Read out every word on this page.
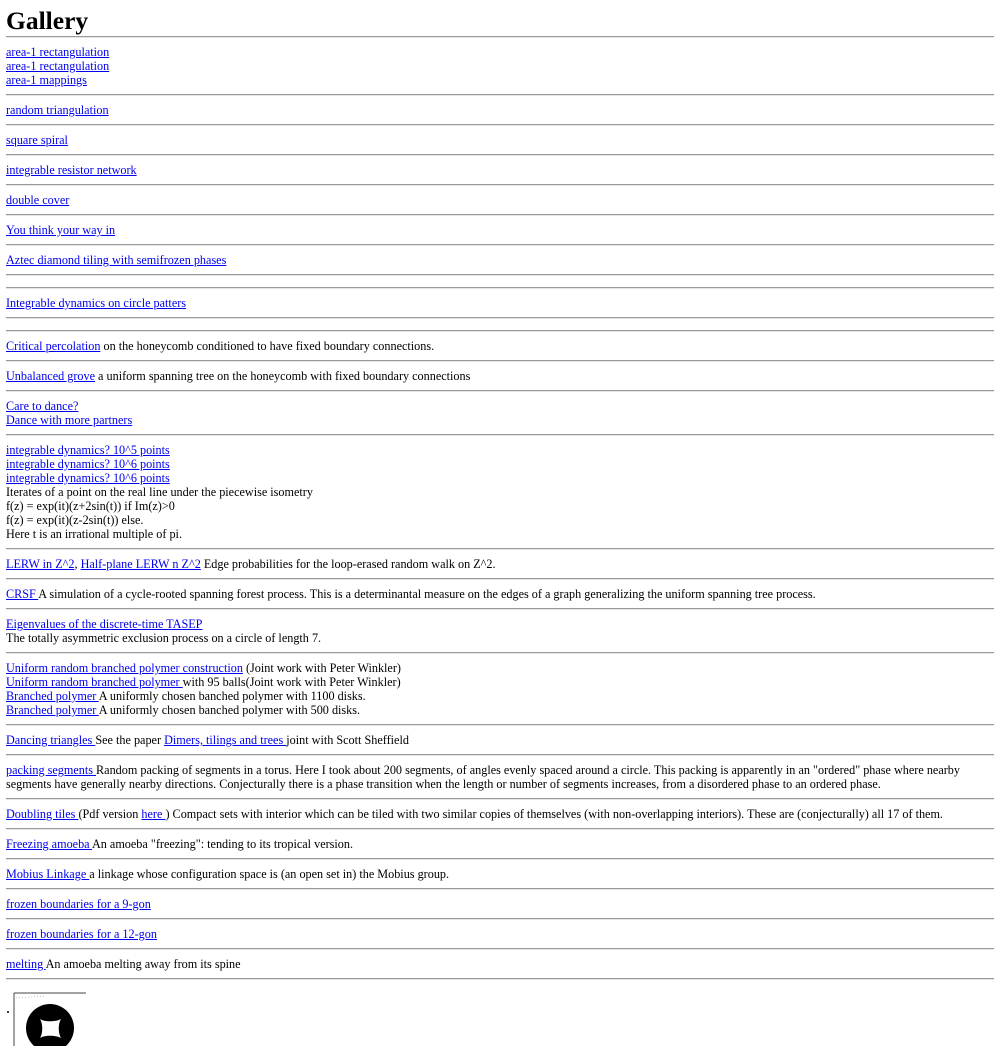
Gallery
area-1 rectangulation
area-1 rectangulation
area-1 mappings
random triangulation
square spiral
integrable resistor network
double cover
You think your way in
Aztec diamond tiling with semifrozen phases
Integrable dynamics on circle patters
Critical percolation on the honeycomb conditioned to have fixed boundary connections.
Unbalanced grove a uniform spanning tree on the honeycomb with fixed boundary connections
Care to dance?
Dance with more partners
integrable dynamics? 10^5 points
integrable dynamics? 10^6 points
integrable dynamics? 10^6 points
Iterates of a point on the real line under the piecewise isometry
f(z) = exp(it)(z+2sin(t)) if Im(z)>0
f(z) = exp(it)(z-2sin(t)) else.
Here t is an irrational multiple of pi.
LERW in Z^2, Half-plane LERW n Z^2 Edge probabilities for the loop-erased random walk on Z^2.
CRSF A simulation of a cycle-rooted spanning forest process. This is a determinantal measure on the edges of a graph generalizing the uniform spanning tree process.
Eigenvalues of the discrete-time TASEP
The totally asymmetric exclusion process on a circle of length 7.
Uniform random branched polymer construction (Joint work with Peter Winkler)
Uniform random branched polymer with 95 balls(Joint work with Peter Winkler)
Branched polymer A uniformly chosen banched polymer with 1100 disks.
Branched polymer A uniformly chosen banched polymer with 500 disks.
Dancing triangles See the paper Dimers, tilings and trees joint with Scott Sheffield
packing segments Random packing of segments in a torus. Here I took about 200 segments, of angles evenly spaced around a circle. This packing is apparently in an "ordered" phase where nearby segments have generally nearby directions. Conjecturally there is a phase transition when the length or number of segments increases, from a disordered phase to an ordered phase.
Doubling tiles (Pdf version here ) Compact sets with interior which can be tiled with two similar copies of themselves (with non-overlapping interiors). These are (conjecturally) all 17 of them.
Freezing amoeba An amoeba "freezing": tending to its tropical version.
Mobius Linkage a linkage whose configuration space is (an open set in) the Mobius group.
frozen boundaries for a 9-gon
frozen boundaries for a 12-gon
melting An amoeba melting away from its spine
